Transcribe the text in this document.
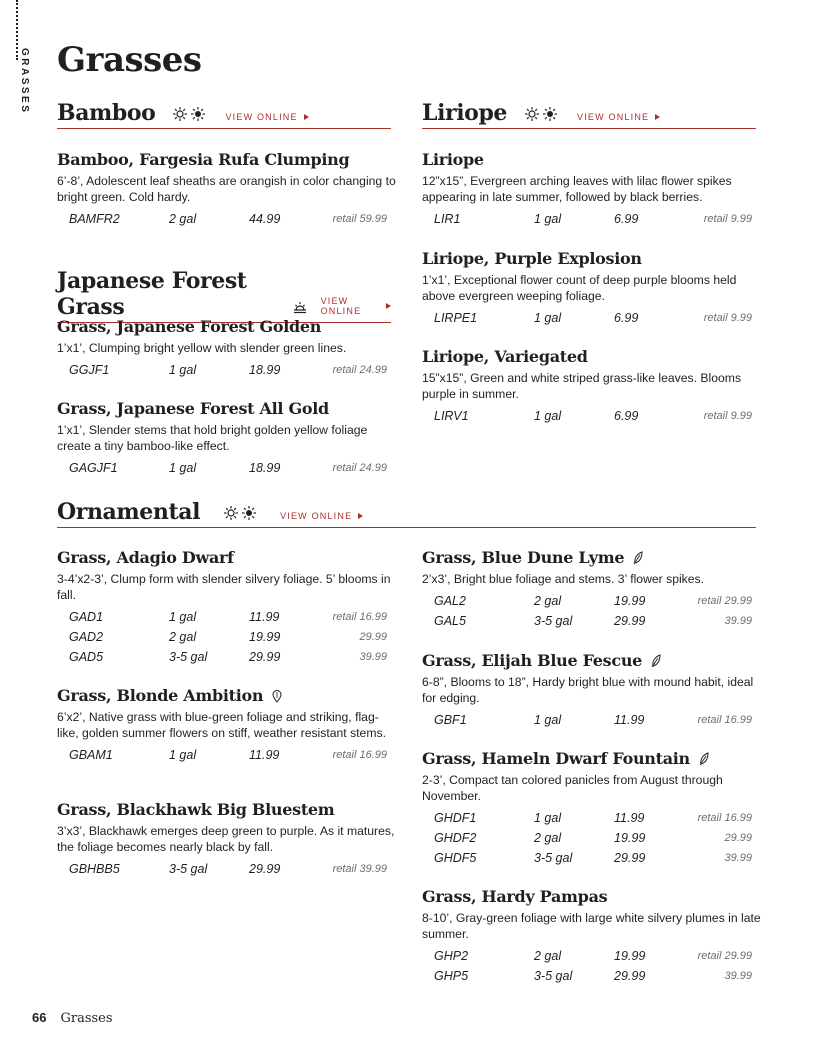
GRASSES Grasses
Bamboo	VIEW ONLINE	Liriope	VIEW ONLINE
Bamboo, Fargesia Rufa Clumping
6’-8’, Adolescent leaf sheaths are orangish in color changing to bright green. Cold hardy.
BAMFR2	2 gal	44.99	retail 59.99
Liriope
12”x15”, Evergreen arching leaves with lilac flower spikes appearing in late summer, followed by black berries.
LIR1	1 gal	6.99	retail 9.99
Liriope, Purple Explosion
1’x1’, Exceptional flower count of deep purple blooms held above evergreen weeping foliage.
LIRPE1	1 gal	6.99	retail 9.99
Liriope, Variegated
15”x15”, Green and white striped grass-like leaves. Blooms purple in summer.
LIRV1	1 gal	6.99	retail 9.99
Japanese Forest Grass	VIEW ONLINE
Grass, Japanese Forest Golden
1’x1’, Clumping bright yellow with slender green lines.
GGJF1	1 gal	18.99	retail 24.99
Grass, Japanese Forest All Gold
1’x1’, Slender stems that hold bright golden yellow foliage create a tiny bamboo-like effect.
GAGJF1	1 gal	18.99	retail 24.99
Ornamental	VIEW ONLINE
Grass, Adagio Dwarf
3-4’x2-3’, Clump form with slender silvery foliage. 5’ blooms in fall.
GAD1	1 gal	11.99	retail 16.99
GAD2	2 gal	19.99	29.99
GAD5	3-5 gal	29.99	39.99
Grass, Blonde Ambition
6’x2’, Native grass with blue-green foliage and striking, flag-like, golden summer flowers on stiff, weather resistant stems.
GBAM1	1 gal	11.99	retail 16.99
Grass, Blackhawk Big Bluestem
3’x3’, Blackhawk emerges deep green to purple. As it matures, the foliage becomes nearly black by fall.
GBHBB5	3-5 gal	29.99	retail 39.99
Grass, Blue Dune Lyme
2’x3’, Bright blue foliage and stems. 3’ flower spikes.
GAL2	2 gal	19.99	retail 29.99
GAL5	3-5 gal	29.99	39.99
Grass, Elijah Blue Fescue
6-8”, Blooms to 18”, Hardy bright blue with mound habit, ideal for edging.
GBF1	1 gal	11.99	retail 16.99
Grass, Hameln Dwarf Fountain
2-3’, Compact tan colored panicles from August through November.
GHDF1	1 gal	11.99	retail 16.99
GHDF2	2 gal	19.99	29.99
GHDF5	3-5 gal	29.99	39.99
Grass, Hardy Pampas
8-10’, Gray-green foliage with large white silvery plumes in late summer.
GHP2	2 gal	19.99	retail 29.99
GHP5	3-5 gal	29.99	39.99
66 Grasses
